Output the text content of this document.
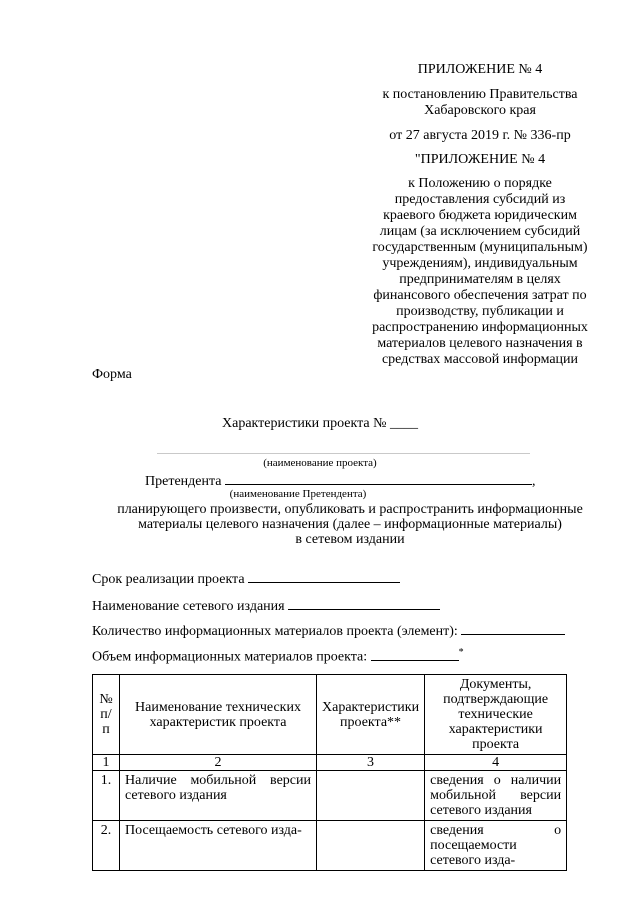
ПРИЛОЖЕНИЕ № 4
к постановлению Правительства
Хабаровского края
от 27 августа 2019 г. № 336-пр
"ПРИЛОЖЕНИЕ № 4
к Положению о порядке
предоставления субсидий из
краевого бюджета юридическим
лицам (за исключением субсидий
государственным (муниципальным)
учреждениям), индивидуальным
предпринимателям в целях
финансового обеспечения затрат по
производству, публикации и
распространению информационных
материалов целевого назначения в
средствах массовой информации
Форма
Характеристики проекта № ____
(наименование проекта)
Претендента	,
(наименование Претендента)
планирующего произвести, опубликовать и распространить информационные
материалы целевого назначения (далее – информационные материалы)
в сетевом издании
Срок реализации проекта
Наименование сетевого издания
Количество информационных материалов проекта (элемент):
Объем информационных материалов проекта:	*
№ п/п	Наименование технических характеристик проекта	Характеристики проекта**	Документы, подтверждающие технические характеристики проекта
1	2	3	4
1.	Наличие мобильной версии сетевого издания		сведения о наличии мобильной версии сетевого издания
2.	Посещаемость сетевого изда-		сведения о посещаемости сетевого изда-
